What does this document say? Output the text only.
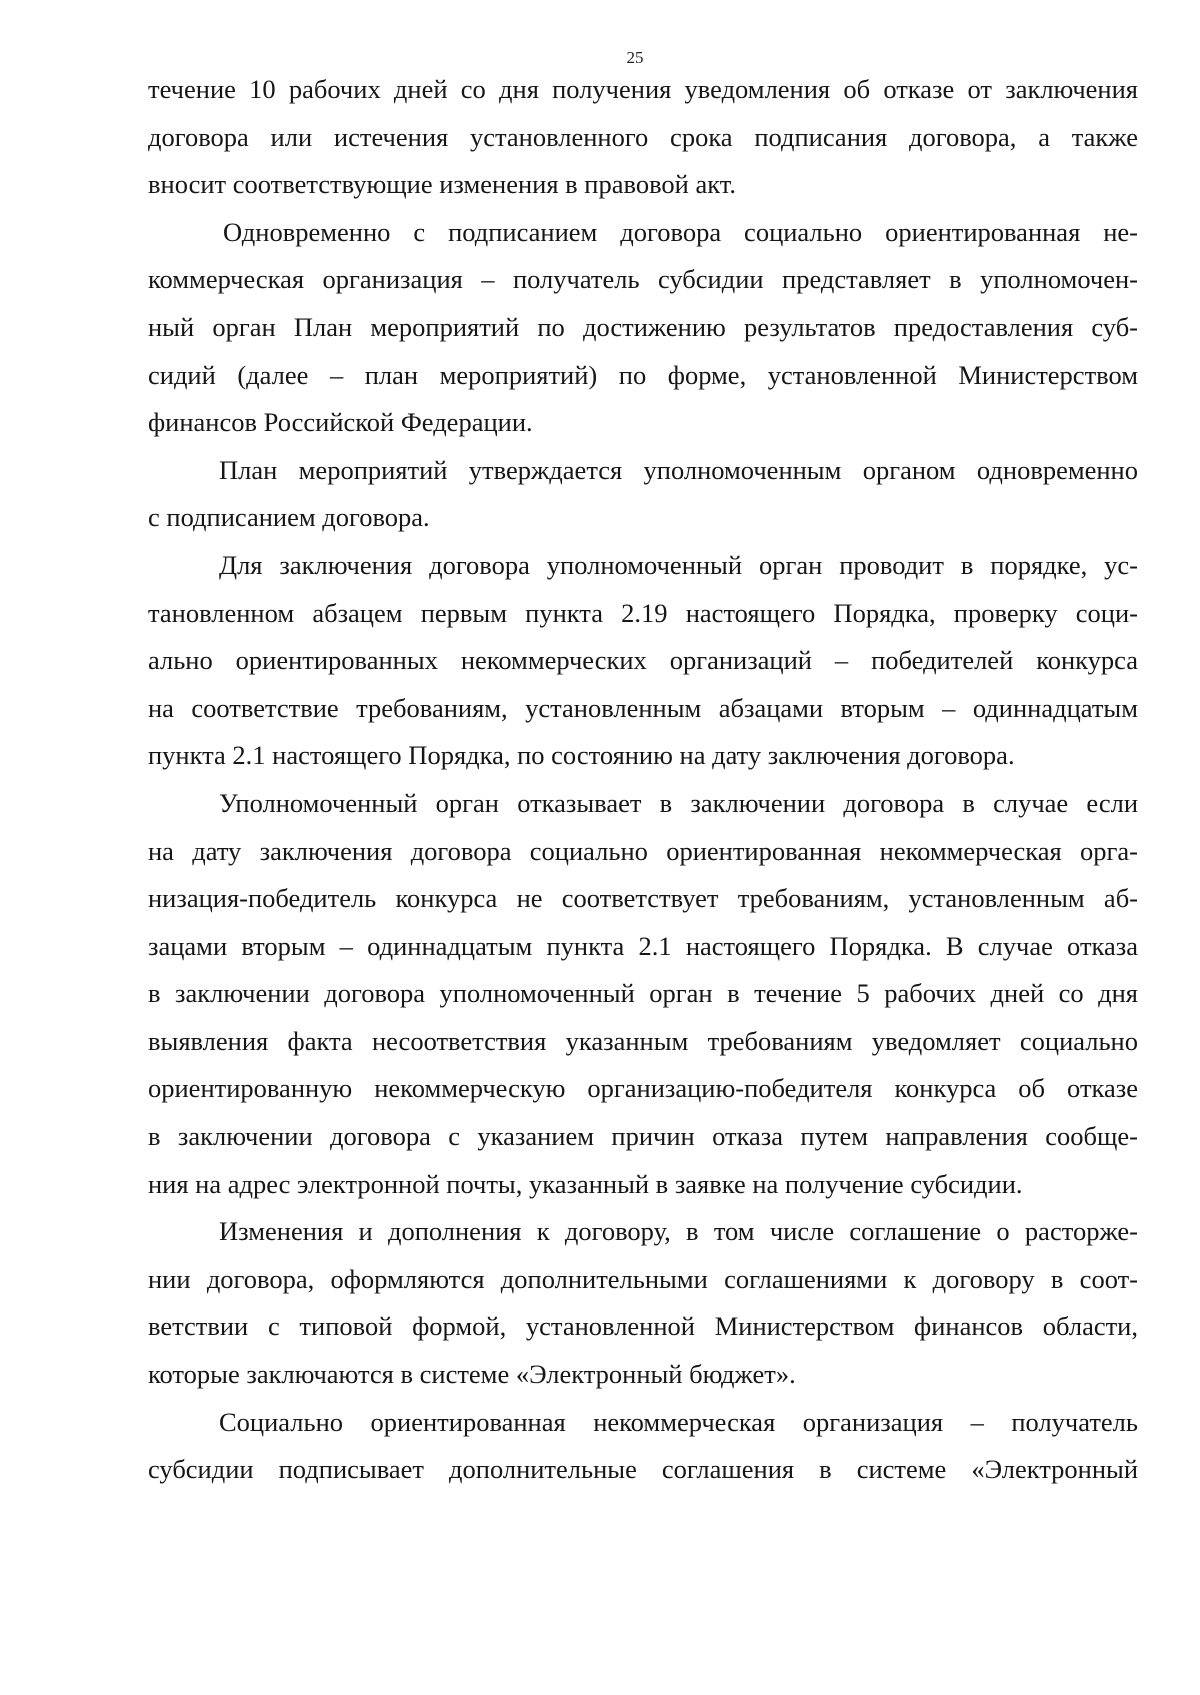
25
течение 10 рабочих дней со дня получения уведомления об отказе от заключения
договора или истечения установленного срока подписания договора, а также
вносит соответствующие изменения в правовой акт.
Одновременно с подписанием договора социально ориентированная не-
коммерческая организация – получатель субсидии представляет в уполномочен-
ный орган План мероприятий по достижению результатов предоставления суб-
сидий (далее – план мероприятий) по форме, установленной Министерством
финансов Российской Федерации.
План мероприятий утверждается уполномоченным органом одновременно
с подписанием договора.
Для заключения договора уполномоченный орган проводит в порядке, ус-
тановленном абзацем первым пункта 2.19 настоящего Порядка, проверку соци-
ально ориентированных некоммерческих организаций – победителей конкурса
на соответствие требованиям, установленным абзацами вторым – одиннадцатым
пункта 2.1 настоящего Порядка, по состоянию на дату заключения договора.
Уполномоченный орган отказывает в заключении договора в случае если
на дату заключения договора социально ориентированная некоммерческая орга-
низация-победитель конкурса не соответствует требованиям, установленным аб-
зацами вторым – одиннадцатым пункта 2.1 настоящего Порядка. В случае отказа
в заключении договора уполномоченный орган в течение 5 рабочих дней со дня
выявления факта несоответствия указанным требованиям уведомляет социально
ориентированную некоммерческую организацию-победителя конкурса об отказе
в заключении договора с указанием причин отказа путем направления сообще-
ния на адрес электронной почты, указанный в заявке на получение субсидии.
Изменения и дополнения к договору, в том числе соглашение о расторже-
нии договора, оформляются дополнительными соглашениями к договору в соот-
ветствии с типовой формой, установленной Министерством финансов области,
которые заключаются в системе «Электронный бюджет».
Социально ориентированная некоммерческая организация – получатель
субсидии подписывает дополнительные соглашения в системе «Электронный
